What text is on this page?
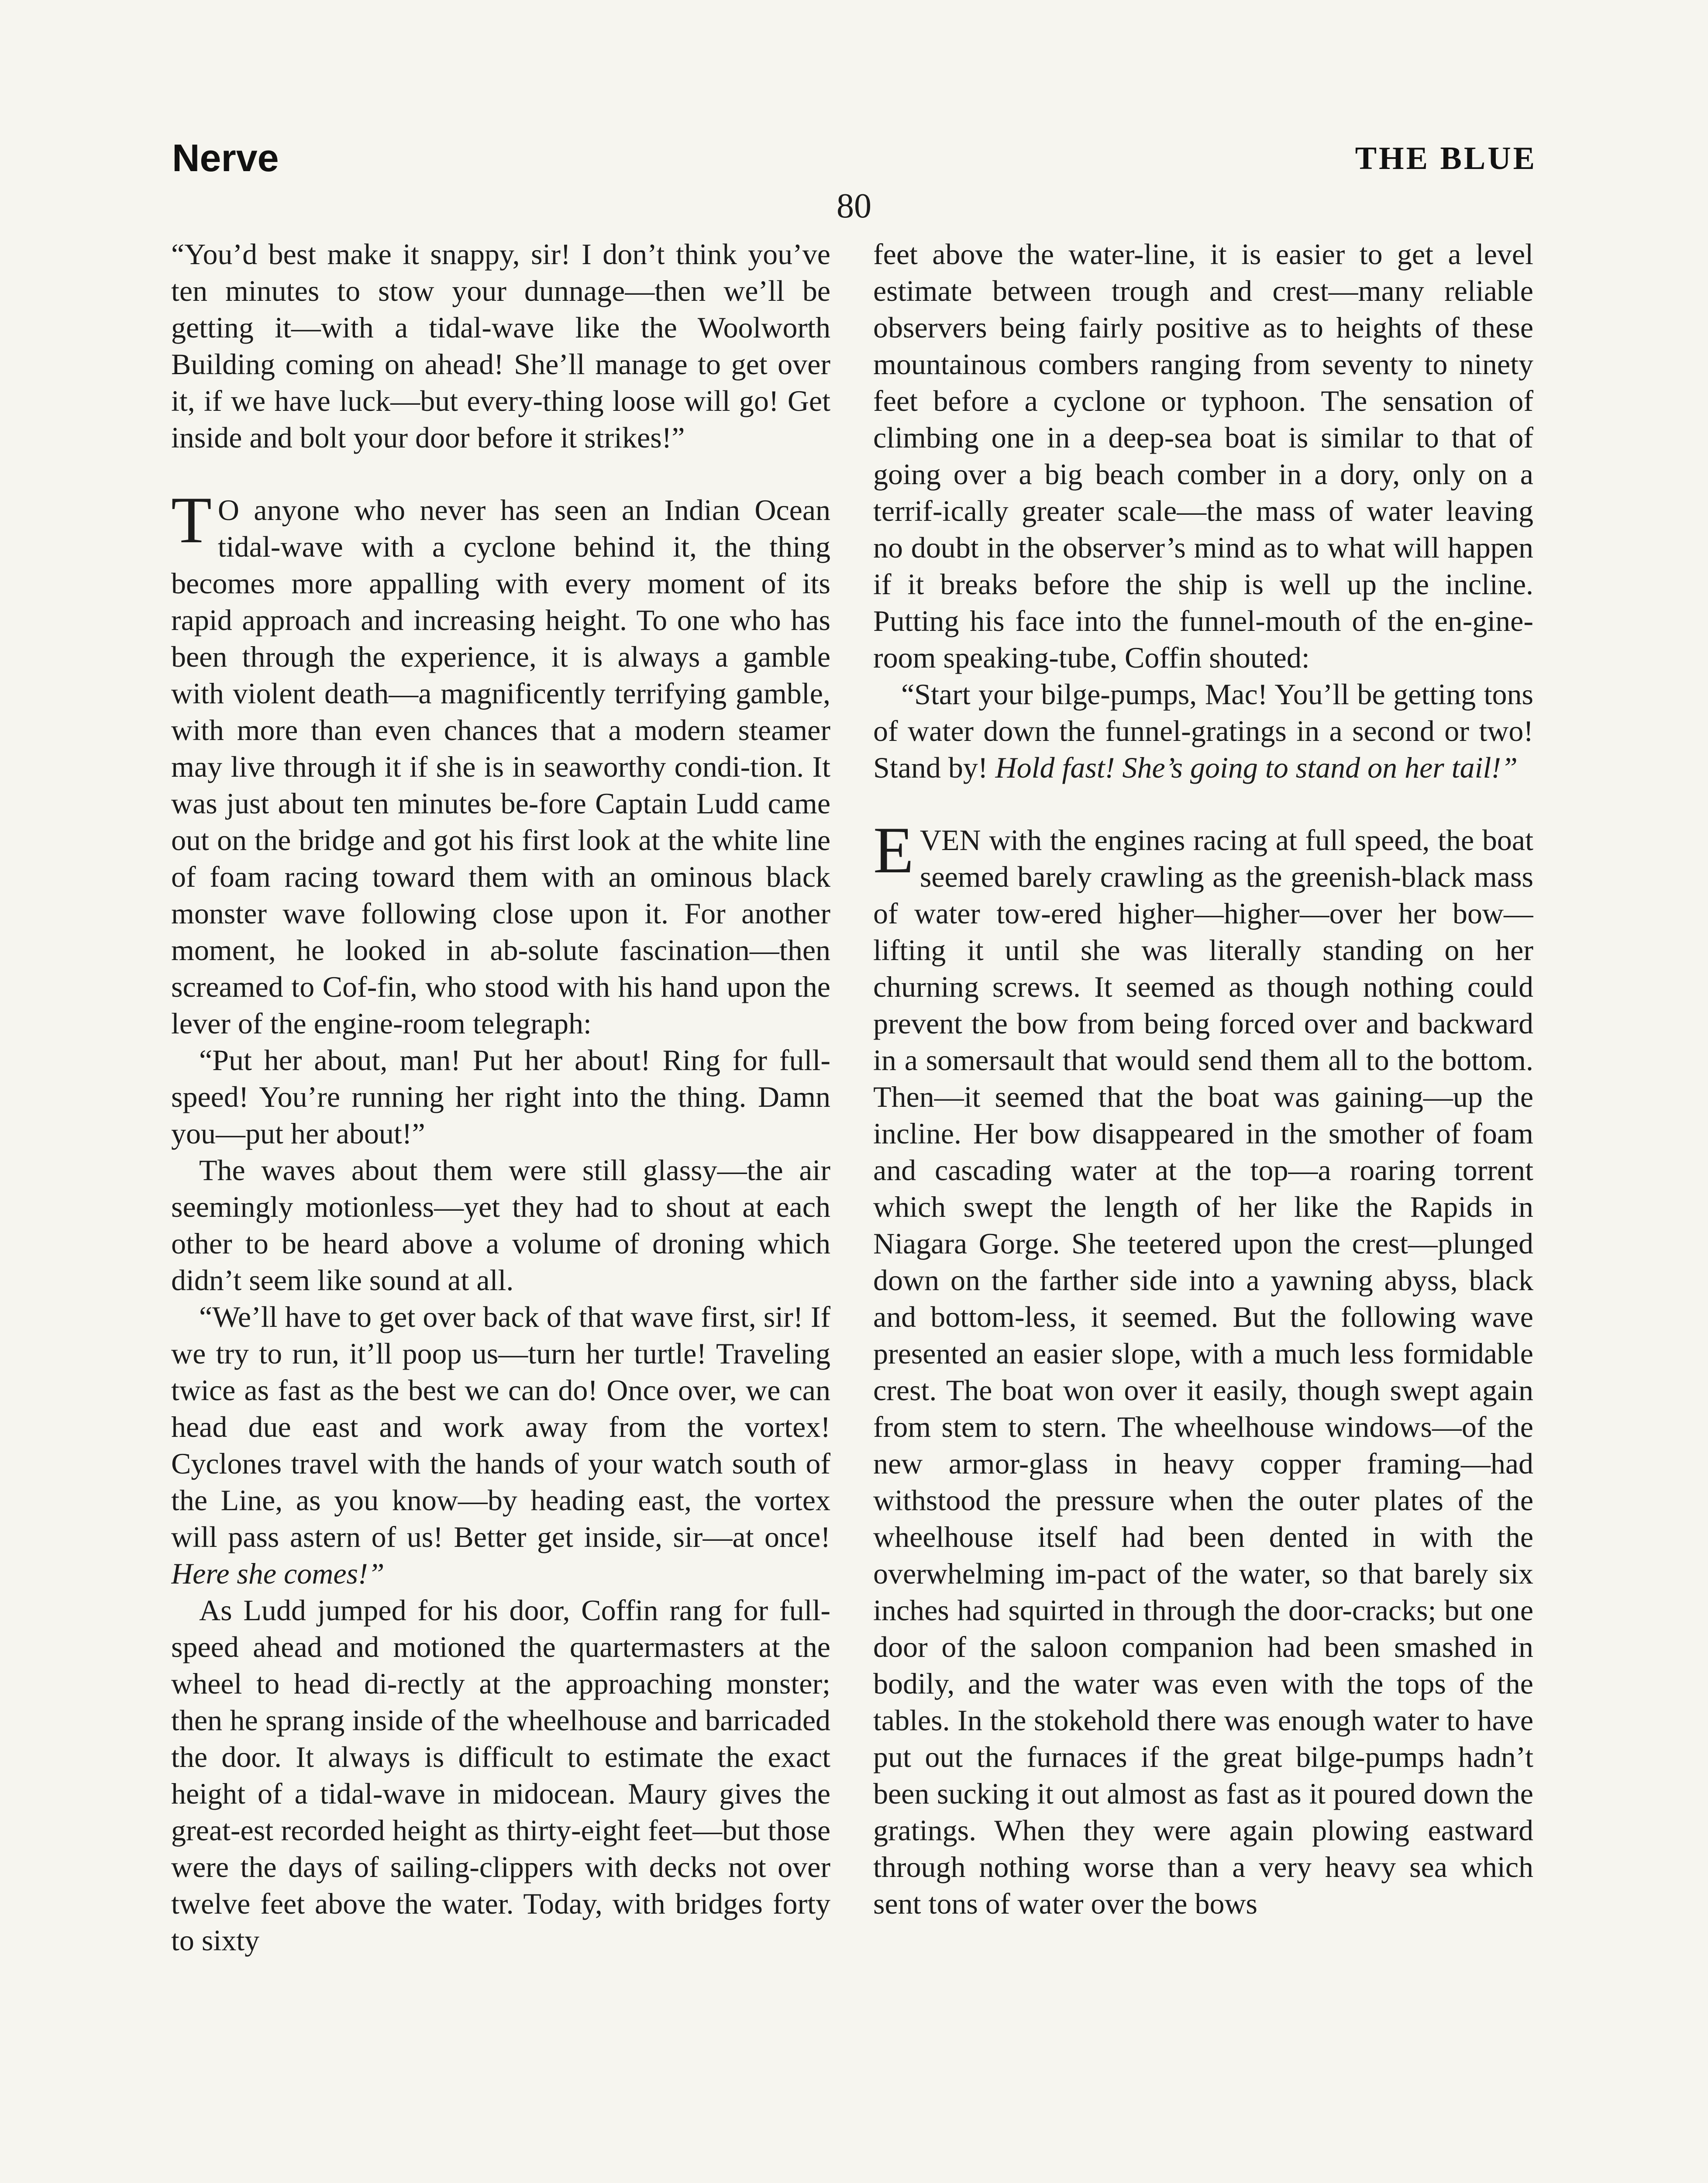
Nerve	THE BLUE
80

“You’d best make it snappy, sir! I don’t think you’ve ten minutes to stow your dunnage—then we’ll be getting it—with a tidal-wave like the Woolworth Building coming on ahead! She’ll manage to get over it, if we have luck—but every-thing loose will go! Get inside and bolt your door before it strikes!”

TO anyone who never has seen an Indian Ocean tidal-wave with a cyclone behind it, the thing becomes more appalling with every moment of its rapid approach and increasing height. To one who has been through the experience, it is always a gamble with violent death—a magnificently terrifying gamble, with more than even chances that a modern steamer may live through it if she is in seaworthy condi-tion. It was just about ten minutes be-fore Captain Ludd came out on the bridge and got his first look at the white line of foam racing toward them with an ominous black monster wave following close upon it. For another moment, he looked in ab-solute fascination—then screamed to Cof-fin, who stood with his hand upon the lever of the engine-room telegraph:

“Put her about, man! Put her about! Ring for full-speed! You’re running her right into the thing. Damn you—put her about!”

The waves about them were still glassy—the air seemingly motionless—yet they had to shout at each other to be heard above a volume of droning which didn’t seem like sound at all.

“We’ll have to get over back of that wave first, sir! If we try to run, it’ll poop us—turn her turtle! Traveling twice as fast as the best we can do! Once over, we can head due east and work away from the vortex! Cyclones travel with the hands of your watch south of the Line, as you know—by heading east, the vortex will pass astern of us! Better get inside, sir—at once! Here she comes!”

As Ludd jumped for his door, Coffin rang for full-speed ahead and motioned the quartermasters at the wheel to head di-rectly at the approaching monster; then he sprang inside of the wheelhouse and barricaded the door. It always is difficult to estimate the exact height of a tidal-wave in midocean. Maury gives the great-est recorded height as thirty-eight feet—but those were the days of sailing-clippers with decks not over twelve feet above the water. Today, with bridges forty to sixty

feet above the water-line, it is easier to get a level estimate between trough and crest—many reliable observers being fairly positive as to heights of these mountainous combers ranging from seventy to ninety feet before a cyclone or typhoon. The sensation of climbing one in a deep-sea boat is similar to that of going over a big beach comber in a dory, only on a terrif-ically greater scale—the mass of water leaving no doubt in the observer’s mind as to what will happen if it breaks before the ship is well up the incline. Putting his face into the funnel-mouth of the en-gine-room speaking-tube, Coffin shouted:

“Start your bilge-pumps, Mac! You’ll be getting tons of water down the funnel-gratings in a second or two! Stand by! Hold fast! She’s going to stand on her tail!”

EVEN with the engines racing at full speed, the boat seemed barely crawling as the greenish-black mass of water tow-ered higher—higher—over her bow—lifting it until she was literally standing on her churning screws. It seemed as though nothing could prevent the bow from being forced over and backward in a somersault that would send them all to the bottom. Then—it seemed that the boat was gaining—up the incline. Her bow disappeared in the smother of foam and cascading water at the top—a roaring torrent which swept the length of her like the Rapids in Niagara Gorge. She teetered upon the crest—plunged down on the farther side into a yawning abyss, black and bottom-less, it seemed. But the following wave presented an easier slope, with a much less formidable crest. The boat won over it easily, though swept again from stem to stern. The wheelhouse windows—of the new armor-glass in heavy copper framing—had withstood the pressure when the outer plates of the wheelhouse itself had been dented in with the overwhelming im-pact of the water, so that barely six inches had squirted in through the door-cracks; but one door of the saloon companion had been smashed in bodily, and the water was even with the tops of the tables. In the stokehold there was enough water to have put out the furnaces if the great bilge-pumps hadn’t been sucking it out almost as fast as it poured down the gratings. When they were again plowing eastward through nothing worse than a very heavy sea which sent tons of water over the bows
